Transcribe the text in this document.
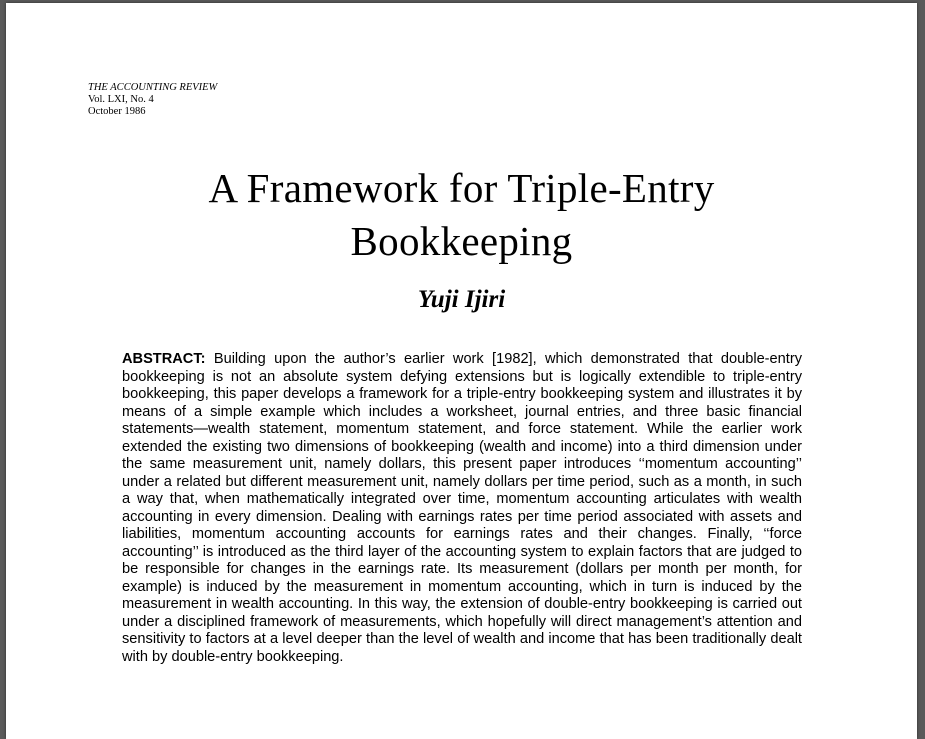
THE ACCOUNTING REVIEW
Vol. LXI, No. 4
October 1986
A Framework for Triple-Entry
Bookkeeping
Yuji Ijiri
ABSTRACT: Building upon the author’s earlier work [1982], which demonstrated that double-entry bookkeeping is not an absolute system defying extensions but is logically extendible to triple-entry bookkeeping, this paper develops a framework for a triple-entry bookkeeping system and illustrates it by means of a simple example which includes a worksheet, journal entries, and three basic financial statements—wealth statement, momentum statement, and force statement. While the earlier work extended the existing two dimensions of bookkeeping (wealth and income) into a third dimension under the same measurement unit, namely dollars, this present paper introduces ‘‘momentum accounting’’ under a related but different measurement unit, namely dollars per time period, such as a month, in such a way that, when mathematically integrated over time, momentum accounting articulates with wealth accounting in every dimension. Dealing with earnings rates per time period associated with assets and liabilities, momentum accounting accounts for earnings rates and their changes. Finally, ‘‘force accounting’’ is introduced as the third layer of the accounting system to explain factors that are judged to be responsible for changes in the earnings rate. Its measurement (dollars per month per month, for example) is induced by the measurement in momentum accounting, which in turn is induced by the measurement in wealth accounting. In this way, the extension of double-entry bookkeeping is carried out under a disciplined framework of measurements, which hopefully will direct management’s attention and sensitivity to factors at a level deeper than the level of wealth and income that has been traditionally dealt with by double-entry bookkeeping.
